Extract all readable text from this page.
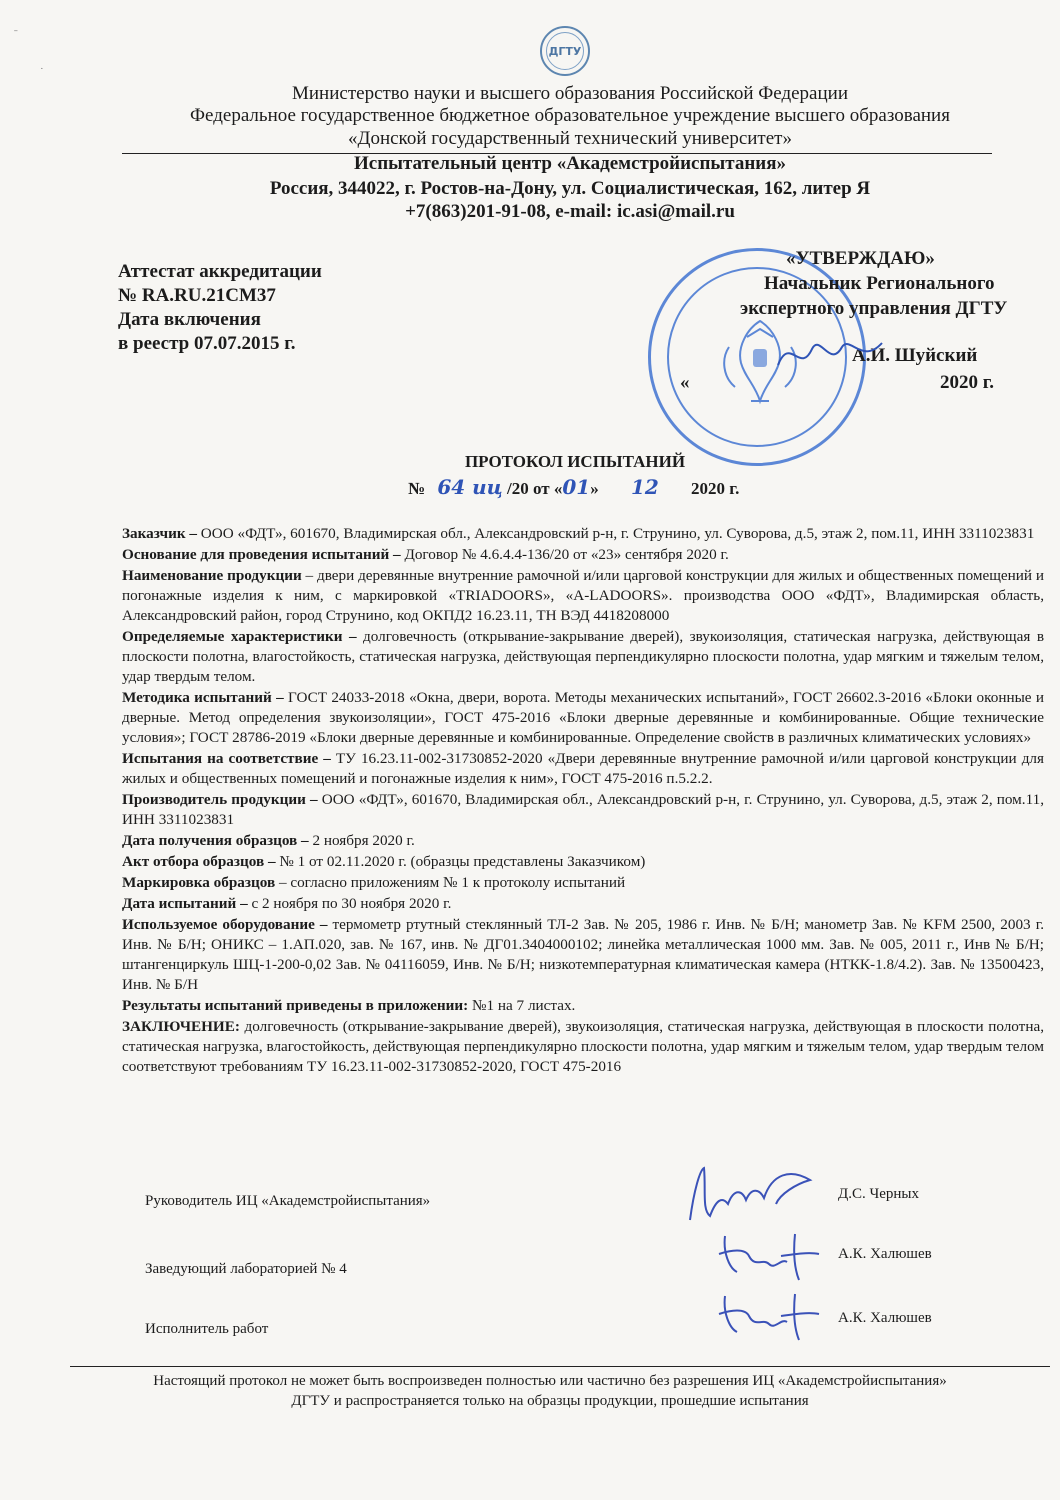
ˉ
˙
ДГТУ
Министерство науки и высшего образования Российской Федерации
Федеральное государственное бюджетное образовательное учреждение высшего образования
«Донской государственный технический университет»
Испытательный центр «Академстройиспытания»
Россия, 344022, г. Ростов-на-Дону, ул. Социалистическая, 162, литер Я
+7(863)201-91-08, e-mail: ic.asi@mail.ru
Аттестат аккредитации
№ RA.RU.21СМ37
Дата включения
в реестр 07.07.2015 г.
«УТВЕРЖДАЮ»
Начальник Регионального
экспертного управления ДГТУ
А.И. Шуйский
«	2020 г.
ПРОТОКОЛ ИСПЫТАНИЙ
№ 64 иц /20 от «01» 12 2020 г.

Заказчик – ООО «ФДТ», 601670, Владимирская обл., Александровский р-н, г. Струнино, ул. Суворова, д.5, этаж 2, пом.11, ИНН 3311023831

Основание для проведения испытаний – Договор № 4.6.4.4-136/20 от «23» сентября 2020 г.

Наименование продукции – двери деревянные внутренние рамочной и/или царговой конструкции для жилых и общественных помещений и погонажные изделия к ним, с маркировкой «TRIADOORS», «A-LADOORS». производства ООО «ФДТ», Владимирская область, Александровский район, город Струнино, код ОКПД2 16.23.11, ТН ВЭД 4418208000

Определяемые характеристики – долговечность (открывание-закрывание дверей), звукоизоляция, статическая нагрузка, действующая в плоскости полотна, влагостойкость, статическая нагрузка, действующая перпендикулярно плоскости полотна, удар мягким и тяжелым телом, удар твердым телом.

Методика испытаний – ГОСТ 24033-2018 «Окна, двери, ворота. Методы механических испытаний», ГОСТ 26602.3-2016 «Блоки оконные и дверные. Метод определения звукоизоляции», ГОСТ 475-2016 «Блоки дверные деревянные и комбинированные. Общие технические условия»; ГОСТ 28786-2019 «Блоки дверные деревянные и комбинированные. Определение свойств в различных климатических условиях»

Испытания на соответствие – ТУ 16.23.11-002-31730852-2020 «Двери деревянные внутренние рамочной и/или царговой конструкции для жилых и общественных помещений и погонажные изделия к ним», ГОСТ 475-2016 п.5.2.2.

Производитель продукции – ООО «ФДТ», 601670, Владимирская обл., Александровский р-н, г. Струнино, ул. Суворова, д.5, этаж 2, пом.11, ИНН 3311023831

Дата получения образцов – 2 ноября 2020 г.

Акт отбора образцов – № 1 от 02.11.2020 г. (образцы представлены Заказчиком)

Маркировка образцов – согласно приложениям № 1 к протоколу испытаний

Дата испытаний – с 2 ноября по 30 ноября 2020 г.

Используемое оборудование – термометр ртутный стеклянный ТЛ-2 Зав. № 205, 1986 г. Инв. № Б/Н; манометр Зав. № KFM 2500, 2003 г. Инв. № Б/Н; ОНИКС – 1.АП.020, зав. № 167, инв. № ДГ01.3404000102; линейка металлическая 1000 мм. Зав. № 005, 2011 г., Инв № Б/Н; штангенциркуль ШЦ-1-200-0,02 Зав. № 04116059, Инв. № Б/Н; низкотемпературная климатическая камера (НТКК-1.8/4.2). Зав. № 13500423, Инв. № Б/Н

Результаты испытаний приведены в приложении: №1 на 7 листах.

ЗАКЛЮЧЕНИЕ: долговечность (открывание-закрывание дверей), звукоизоляция, статическая нагрузка, действующая в плоскости полотна, статическая нагрузка, влагостойкость, действующая перпендикулярно плоскости полотна, удар мягким и тяжелым телом, удар твердым телом соответствуют требованиям ТУ 16.23.11-002-31730852-2020, ГОСТ 475-2016

Руководитель ИЦ «Академстройиспытания»	Д.С. Черных
Заведующий лабораторией № 4
А.К. Халюшев
Исполнитель работ
А.К. Халюшев
Настоящий протокол не может быть воспроизведен полностью или частично без разрешения ИЦ «Академстройиспытания»
ДГТУ и распространяется только на образцы продукции, прошедшие испытания
